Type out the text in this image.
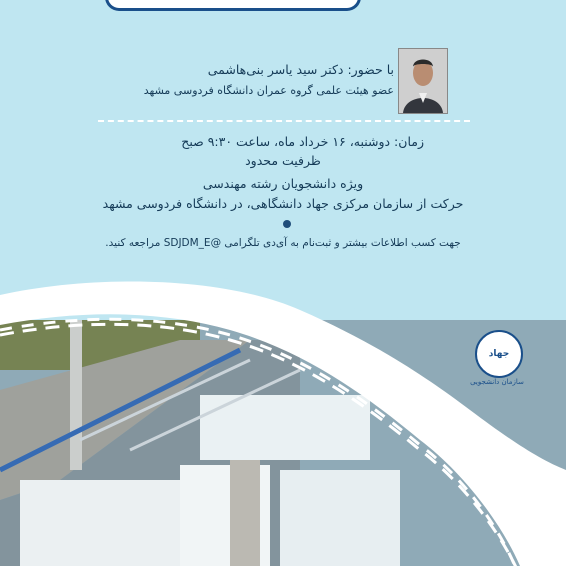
با حضور: دکتر سید یاسر بنی‌هاشمی
عضو هیئت علمی گروه عمران دانشگاه فردوسی مشهد
زمان: دوشنبه، ۱۶ خرداد ماه، ساعت ۹:۳۰ صبح
ظرفیت محدود
ویژه دانشجویان رشته مهندسی
حرکت از سازمان مرکزی جهاد دانشگاهی، در دانشگاه فردوسی مشهد
جهت کسب اطلاعات بیشتر و ثبت‌نام به آی‌دی تلگرامی @SDJDM_E مراجعه کنید.
جهاد
سازمان دانشجویی
